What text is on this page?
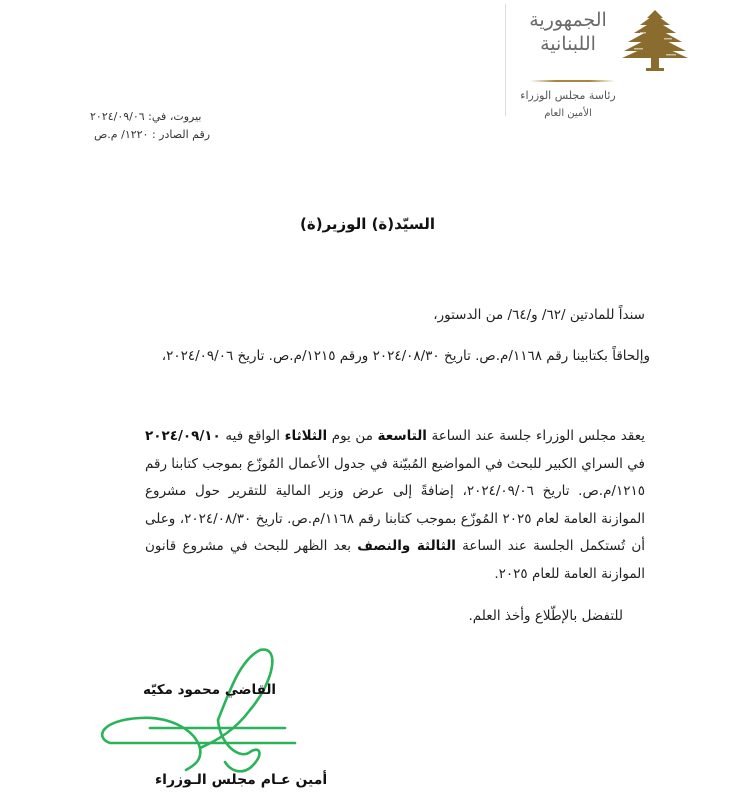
الجمهورية
اللبنانية
رئاسة مجلس الوزراء
الأمين العام
بيروت، في: ٢٠٢٤/٠٩/٠٦
رقم الصادر : ١٢٢٠/ م.ص
السيّد(ة) الوزير(ة)
سنداً للمادتين /٦٢/ و/٦٤/ من الدستور،
وإلحاقاً بكتابينا رقم ١١٦٨/م.ص. تاريخ ٢٠٢٤/٠٨/٣٠ ورقم ١٢١٥/م.ص. تاريخ ٢٠٢٤/٠٩/٠٦،
يعقد مجلس الوزراء جلسة عند الساعة التاسعة من يوم الثلاثاء الواقع فيه ٢٠٢٤/٠٩/١٠ في السراي الكبير للبحث في المواضيع المُبيّنة في جدول الأعمال المُوزّع بموجب كتابنا رقم ١٢١٥/م.ص. تاريخ ٢٠٢٤/٠٩/٠٦، إضافةً إلى عرض وزير المالية للتقرير حول مشروع الموازنة العامة لعام ٢٠٢٥ المُوزّع بموجب كتابنا رقم ١١٦٨/م.ص. تاريخ ٢٠٢٤/٠٨/٣٠، وعلى أن تُستكمل الجلسة عند الساعة الثالثة والنصف بعد الظهر للبحث في مشروع قانون الموازنة العامة للعام ٢٠٢٥.
للتفضل بالإطّلاع وأخذ العلم.
القاضي محمود مكيّه
أمين عـام مجلس الـوزراء
